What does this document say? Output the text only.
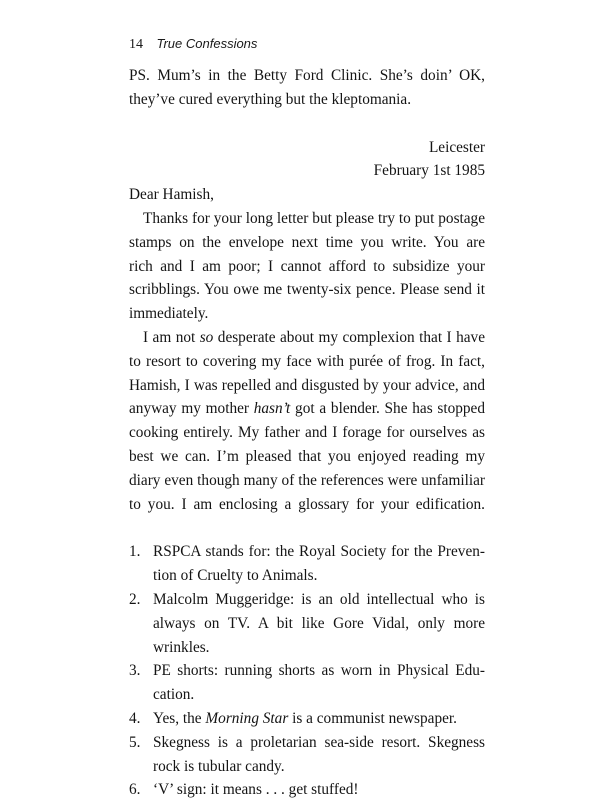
14 True Confessions
PS. Mum’s in the Betty Ford Clinic. She’s doin’ OK,
they’ve cured everything but the kleptomania.
Leicester
February 1st 1985
Dear Hamish,
Thanks for your long letter but please try to put postage
stamps on the envelope next time you write. You are
rich and I am poor; I cannot afford to subsidize your
scribblings. You owe me twenty-six pence. Please send it
immediately.
I am not so desperate about my complexion that I have
to resort to covering my face with purée of frog. In fact,
Hamish, I was repelled and disgusted by your advice, and
anyway my mother hasn’t got a blender. She has stopped
cooking entirely. My father and I forage for ourselves as
best we can. I’m pleased that you enjoyed reading my
diary even though many of the references were unfamiliar
to you. I am enclosing a glossary for your edification.
1. RSPCA stands for: the Royal Society for the Preven-
tion of Cruelty to Animals.
2. Malcolm Muggeridge: is an old intellectual who is
always on TV. A bit like Gore Vidal, only more
wrinkles.
3. PE shorts: running shorts as worn in Physical Edu-
cation.
4. Yes, the Morning Star is a communist newspaper.
5. Skegness is a proletarian sea-side resort. Skegness
rock is tubular candy.
6. ‘V’ sign: it means . . . get stuffed!
